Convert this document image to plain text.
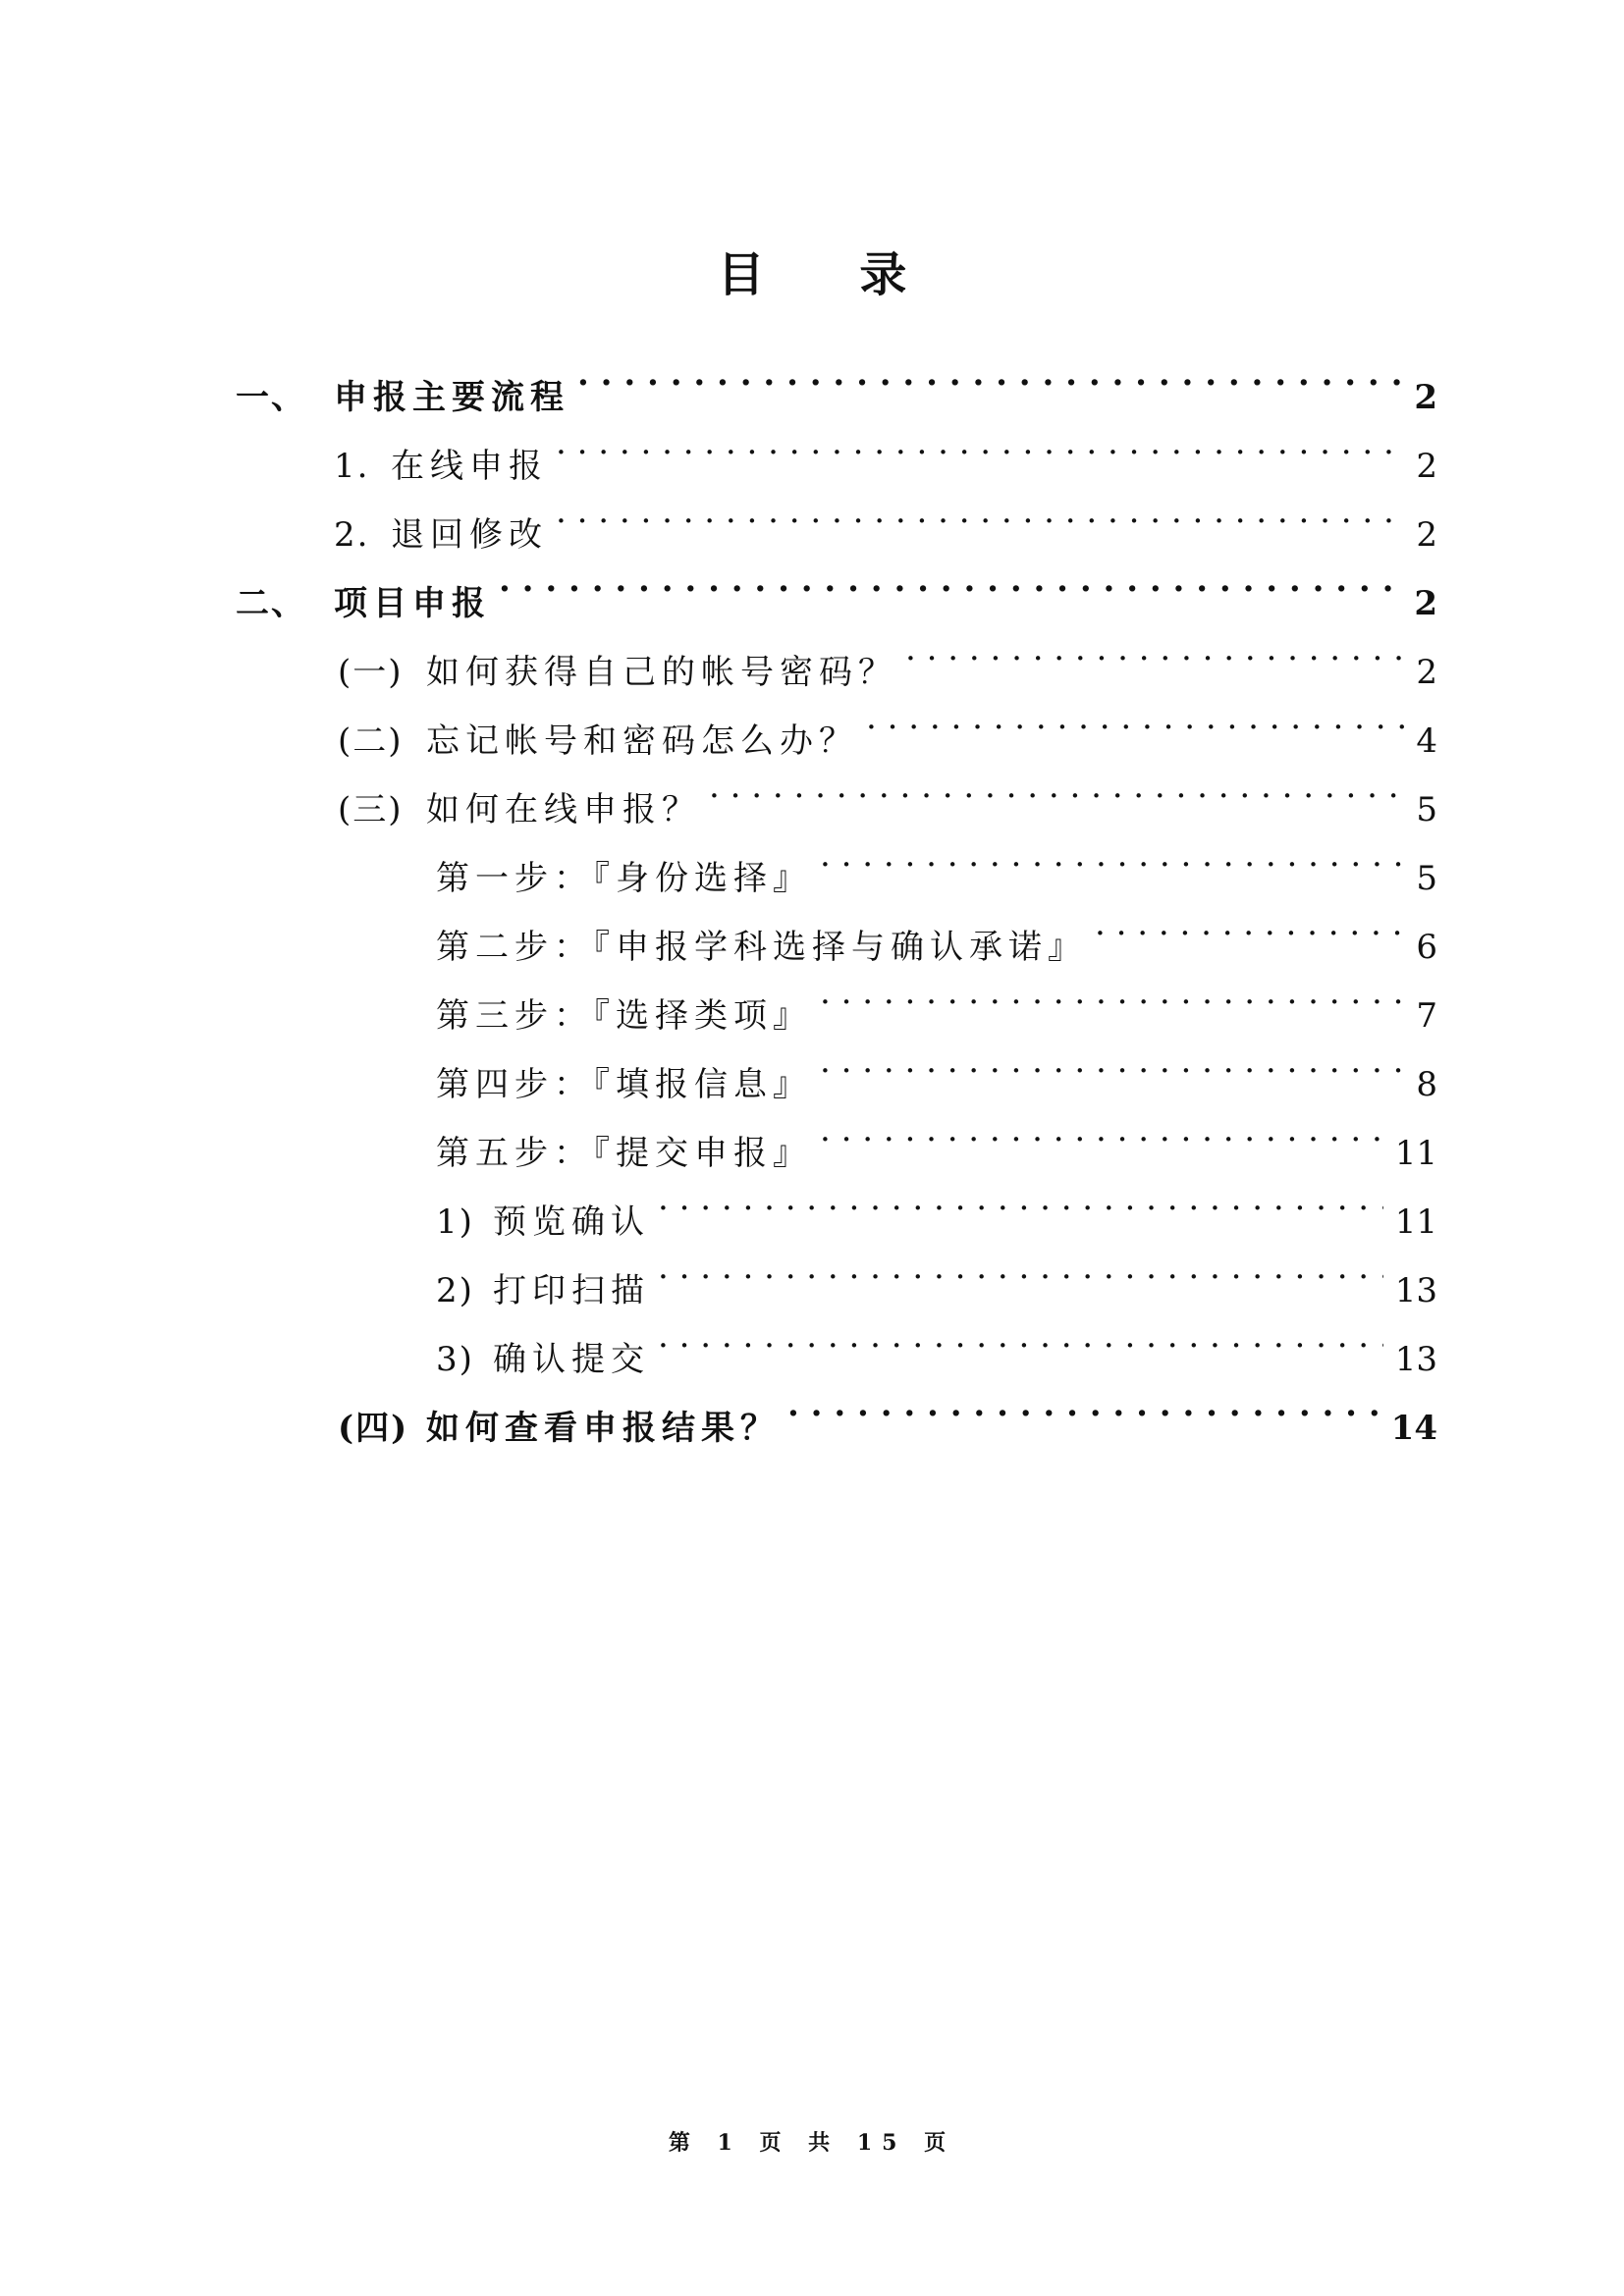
目 录
一、 申报主要流程 . . .	2
1. 在线申报 . . .	2
2. 退回修改 . . .	2
二、 项目申报 . . .	2
(一) 如何获得自己的帐号密码？ . . .	2
(二) 忘记帐号和密码怎么办？ . . .	4
(三) 如何在线申报？ . . .	5
第一步：『身份选择』 . . .	5
第二步：『申报学科选择与确认承诺』 . . .	6
第三步：『选择类项』 . . .	7
第四步：『填报信息』 . . .	8
第五步：『提交申报』 . . .	11
1) 预览确认 . . .	11
2) 打印扫描 . . .	13
3) 确认提交 . . .	13
(四) 如何查看申报结果？ . . .	14
第 1 页 共 15 页
